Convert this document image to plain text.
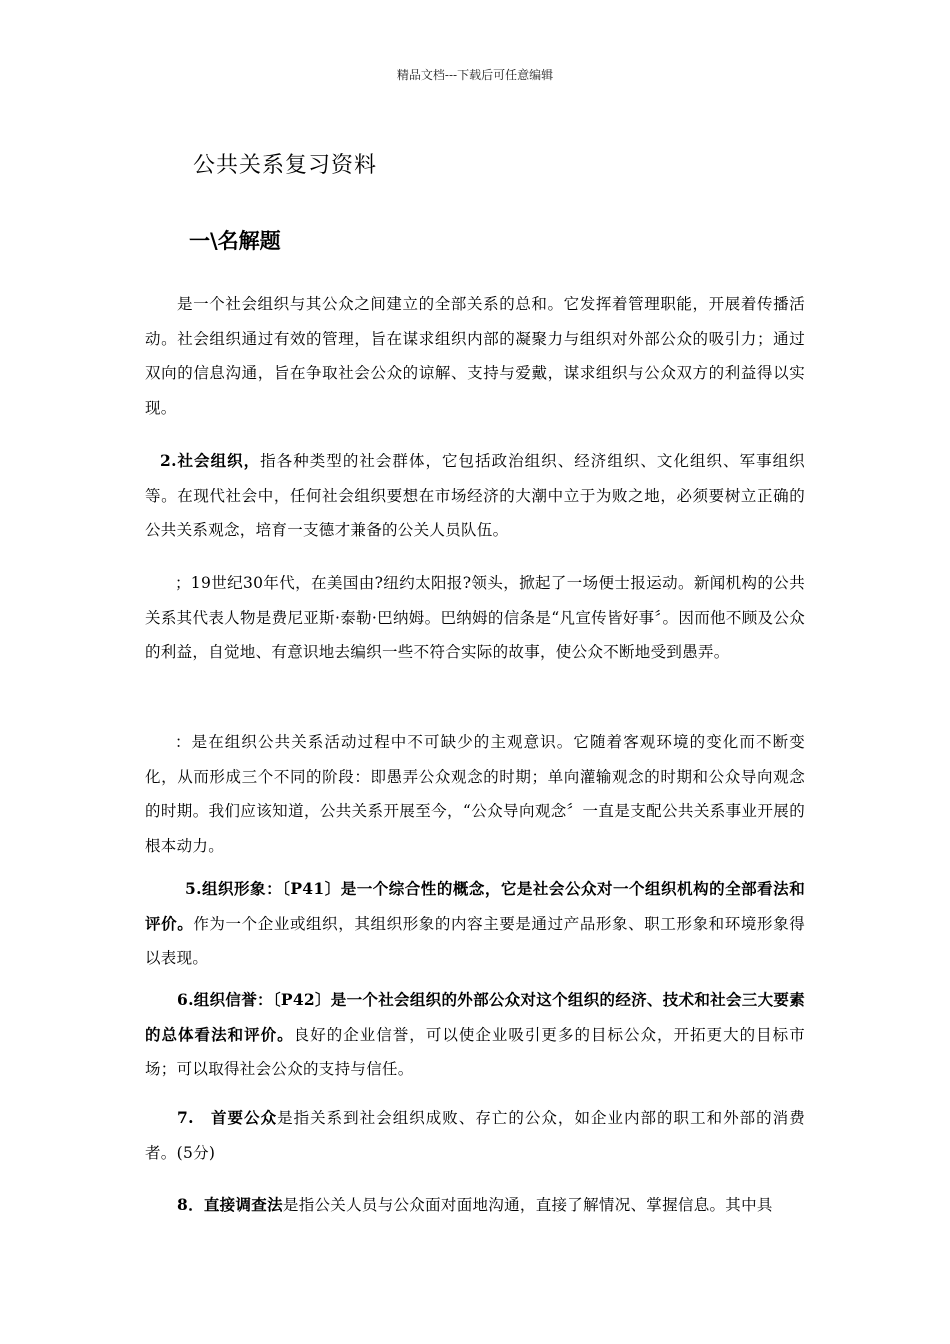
精品文档---下载后可任意编辑
公共关系复习资料
一\名解题

是一个社会组织与其公众之间建立的全部关系的总和。它发挥着管理职能，开展着传播活动。社会组织通过有效的管理，旨在谋求组织内部的凝聚力与组织对外部公众的吸引力；通过双向的信息沟通，旨在争取社会公众的谅解、支持与爱戴，谋求组织与公众双方的利益得以实现。

2.社会组织，指各种类型的社会群体，它包括政治组织、经济组织、文化组织、军事组织等。在现代社会中，任何社会组织要想在市场经济的大潮中立于为败之地，必须要树立正确的公共关系观念，培育一支德才兼备的公关人员队伍。

；19世纪30年代，在美国由?纽约太阳报?领头，掀起了一场便士报运动。新闻机构的公共关系其代表人物是费尼亚斯·泰勒·巴纳姆。巴纳姆的信条是“凡宣传皆好事〞。因而他不顾及公众的利益，自觉地、有意识地去编织一些不符合实际的故事，使公众不断地受到愚弄。

：是在组织公共关系活动过程中不可缺少的主观意识。它随着客观环境的变化而不断变化，从而形成三个不同的阶段：即愚弄公众观念的时期；单向灌输观念的时期和公众导向观念的时期。我们应该知道，公共关系开展至今，“公众导向观念〞一直是支配公共关系事业开展的根本动力。

5.组织形象：〔P41〕是一个综合性的概念，它是社会公众对一个组织机构的全部看法和评价。作为一个企业或组织，其组织形象的内容主要是通过产品形象、职工形象和环境形象得以表现。

6.组织信誉：〔P42〕是一个社会组织的外部公众对这个组织的经济、技术和社会三大要素的总体看法和评价。良好的企业信誉，可以使企业吸引更多的目标公众，开拓更大的目标市场；可以取得社会公众的支持与信任。

7.　首要公众是指关系到社会组织成败、存亡的公众，如企业内部的职工和外部的消费者。(5分)

8．直接调查法是指公关人员与公众面对面地沟通，直接了解情况、掌握信息。其中具
